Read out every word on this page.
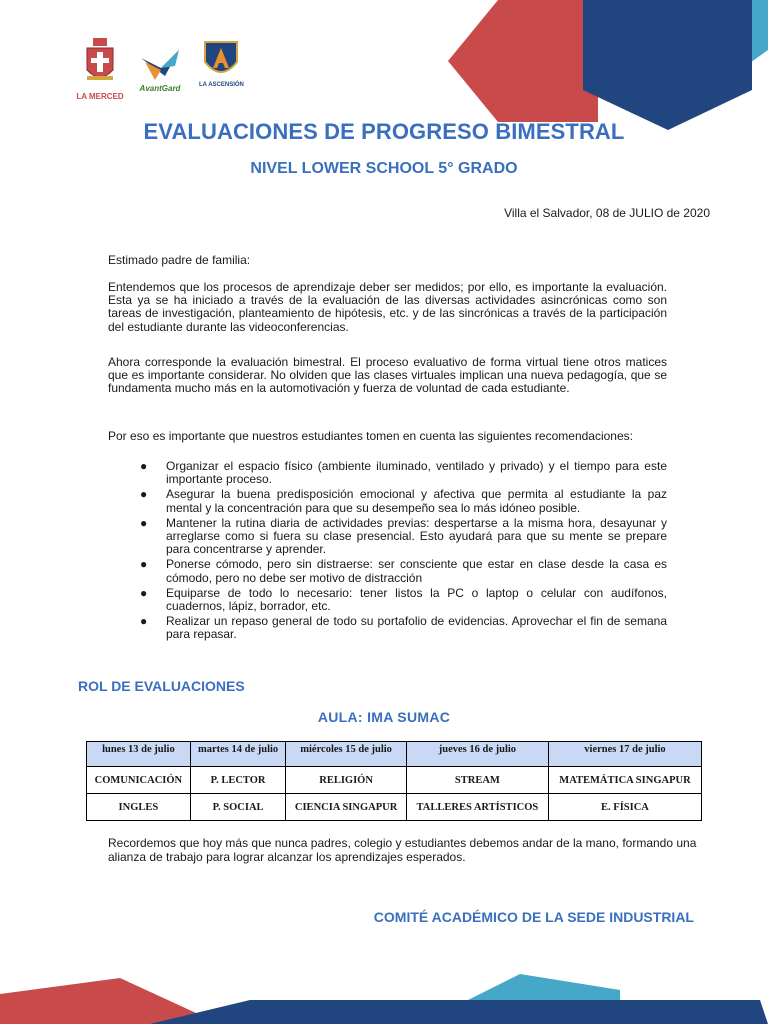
LA MERCED
AvantGard	LA ASCENSIÓN
EVALUACIONES DE PROGRESO BIMESTRAL
NIVEL LOWER SCHOOL 5° GRADO
Villa el Salvador, 08 de JULIO de 2020

Estimado padre de familia:

Entendemos que los procesos de aprendizaje deber ser medidos; por ello, es importante la evaluación. Esta ya se ha iniciado a través de la evaluación de las diversas actividades asincrónicas como son tareas de investigación, planteamiento de hipótesis, etc. y de las sincrónicas a través de la participación del estudiante durante las videoconferencias.

Ahora corresponde la evaluación bimestral. El proceso evaluativo de forma virtual tiene otros matices que es importante considerar. No olviden que las clases virtuales implican una nueva pedagogía, que se fundamenta mucho más en la automotivación y fuerza de voluntad de cada estudiante.

Por eso es importante que nuestros estudiantes tomen en cuenta las siguientes recomendaciones:

● Organizar el espacio físico (ambiente iluminado, ventilado y privado) y el tiempo para este importante proceso.
● Asegurar la buena predisposición emocional y afectiva que permita al estudiante la paz mental y la concentración para que su desempeño sea lo más idóneo posible.
● Mantener la rutina diaria de actividades previas: despertarse a la misma hora, desayunar y arreglarse como si fuera su clase presencial. Esto ayudará para que su mente se prepare para concentrarse y aprender.
● Ponerse cómodo, pero sin distraerse: ser consciente que estar en clase desde la casa es cómodo, pero no debe ser motivo de distracción
● Equiparse de todo lo necesario: tener listos la PC o laptop o celular con audífonos, cuadernos, lápiz, borrador, etc.
● Realizar un repaso general de todo su portafolio de evidencias. Aprovechar el fin de semana para repasar.
ROL DE EVALUACIONES
AULA: IMA SUMAC
lunes 13 de julio	martes 14 de julio	miércoles 15 de julio	jueves 16 de julio	viernes 17 de julio
COMUNICACIÓN	P. LECTOR	RELIGIÓN	STREAM	MATEMÁTICA SINGAPUR
INGLES	P. SOCIAL	CIENCIA SINGAPUR	TALLERES ARTÍSTICOS	E. FÍSICA

Recordemos que hoy más que nunca padres, colegio y estudiantes debemos andar de la mano, formando una alianza de trabajo para lograr alcanzar los aprendizajes esperados.

COMITÉ ACADÉMICO DE LA SEDE INDUSTRIAL
